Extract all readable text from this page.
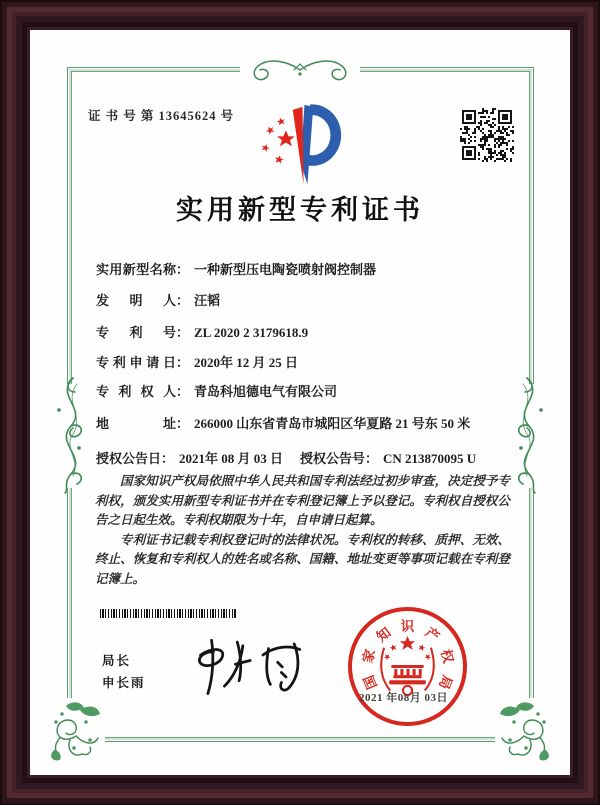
证 书 号 第 13645624 号
实用新型专利证书
实用新型名称： 一种新型压电陶瓷喷射阀控制器
发明人： 汪韬
专利号： ZL 2020 2 3179618.9
专利申请日： 2020年 12 月 25 日
专利权人： 青岛科旭德电气有限公司
地址： 266000 山东省青岛市城阳区华夏路 21 号东 50 米
授权公告日： 2021年 08 月 03 日 授权公告号： CN 213870095 U

国家知识产权局依照中华人民共和国专利法经过初步审查，决定授予专利权，颁发实用新型专利证书并在专利登记簿上予以登记。专利权自授权公告之日起生效。专利权期限为十年，自申请日起算。

专利证书记载专利权登记时的法律状况。专利权的转移、质押、无效、终止、恢复和专利权人的姓名或名称、国籍、地址变更等事项记载在专利登记簿上。

局长
申长雨	国
家
知 识 产
权
局
2021 年08月 03日
